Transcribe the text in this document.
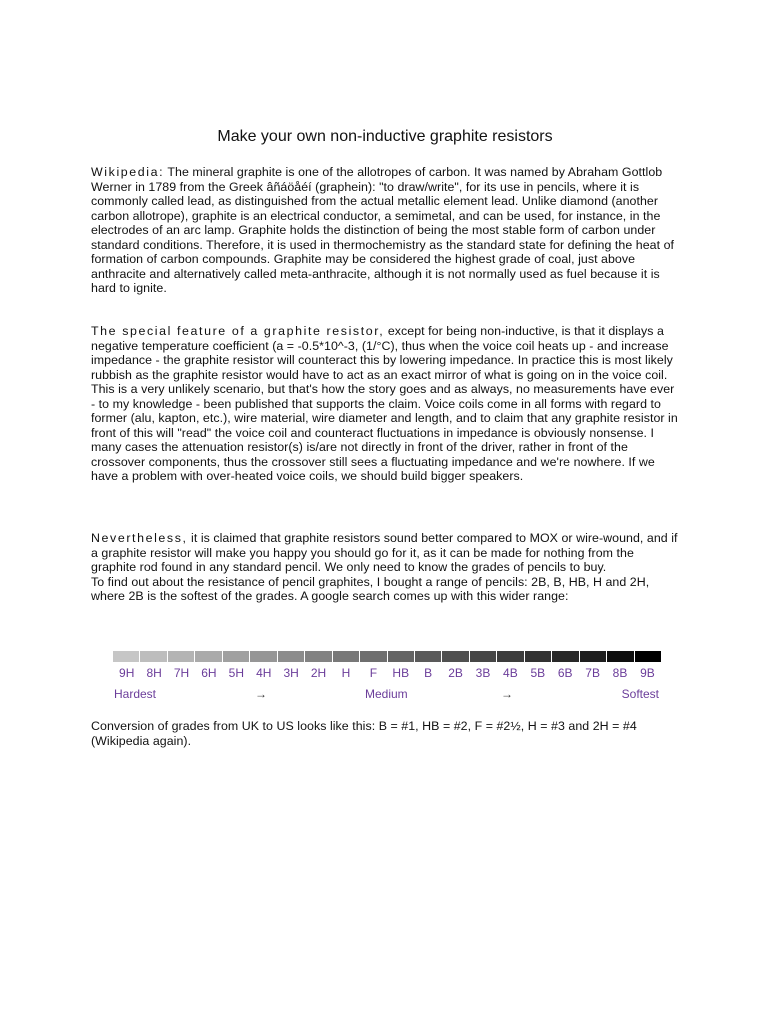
Make your own non-inductive graphite resistors

Wikipedia: The mineral graphite is one of the allotropes of carbon. It was named by Abraham Gottlob Werner in 1789 from the Greek âñáöåéí (graphein): "to draw/write", for its use in pencils, where it is commonly called lead, as distinguished from the actual metallic element lead. Unlike diamond (another carbon allotrope), graphite is an electrical conductor, a semimetal, and can be used, for instance, in the electrodes of an arc lamp. Graphite holds the distinction of being the most stable form of carbon under standard conditions. Therefore, it is used in thermochemistry as the standard state for defining the heat of formation of carbon compounds. Graphite may be considered the highest grade of coal, just above anthracite and alternatively called meta-anthracite, although it is not normally used as fuel because it is hard to ignite.

The special feature of a graphite resistor, except for being non-inductive, is that it displays a negative temperature coefficient (a = -0.5*10^-3, (1/°C), thus when the voice coil heats up - and increase impedance - the graphite resistor will counteract this by lowering impedance. In practice this is most likely rubbish as the graphite resistor would have to act as an exact mirror of what is going on in the voice coil. This is a very unlikely scenario, but that's how the story goes and as always, no measurements have ever - to my knowledge - been published that supports the claim. Voice coils come in all forms with regard to former (alu, kapton, etc.), wire material, wire diameter and length, and to claim that any graphite resistor in front of this will "read" the voice coil and counteract fluctuations in impedance is obviously nonsense. I many cases the attenuation resistor(s) is/are not directly in front of the driver, rather in front of the crossover components, thus the crossover still sees a fluctuating impedance and we're nowhere. If we have a problem with over-heated voice coils, we should build bigger speakers.

Nevertheless, it is claimed that graphite resistors sound better compared to MOX or wire-wound, and if a graphite resistor will make you happy you should go for it, as it can be made for nothing from the graphite rod found in any standard pencil. We only need to know the grades of pencils to buy.
To find out about the resistance of pencil graphites, I bought a range of pencils: 2B, B, HB, H and 2H, where 2B is the softest of the grades. A google search comes up with this wider range:

9H	8H	7H	6H	5H	4H	3H	2H	H	F	HB	B	2B	3B	4B	5B	6B	7B	8B	9B
Hardest	→	Medium	→	Softest

Conversion of grades from UK to US looks like this: B = #1, HB = #2, F = #2½, H = #3 and 2H = #4 (Wikipedia again).
